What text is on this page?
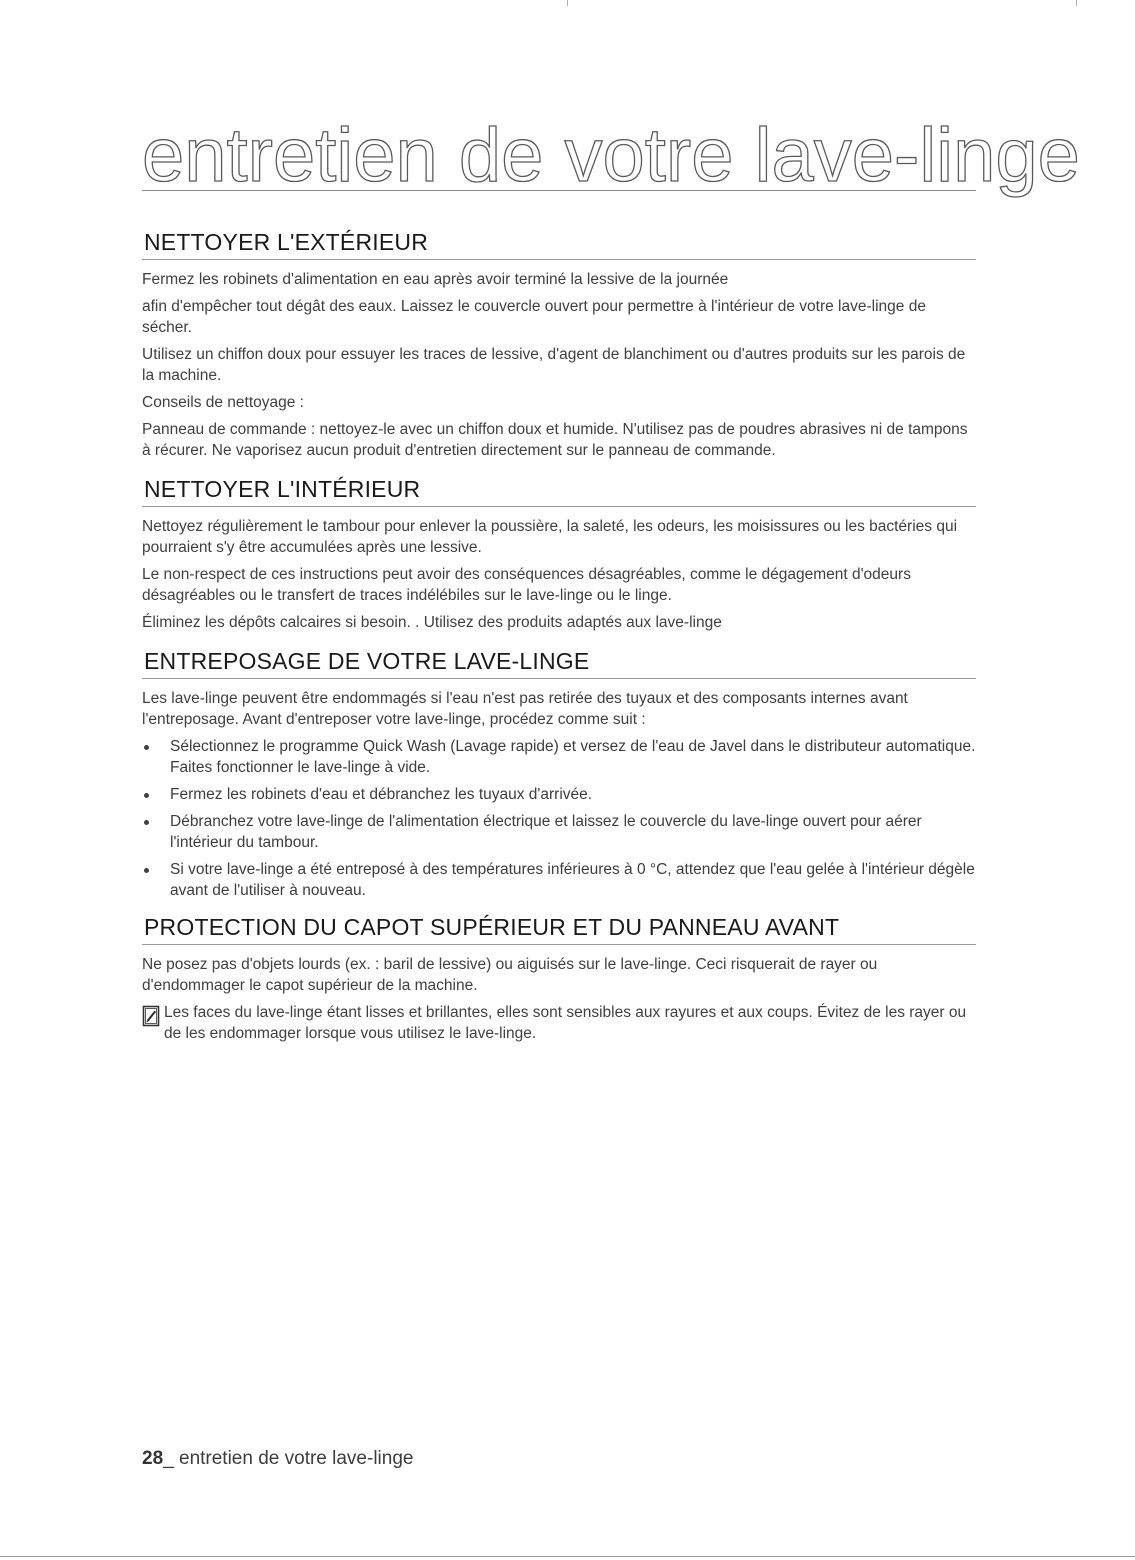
entretien de votre lave-linge
NETTOYER L'EXTÉRIEUR

Fermez les robinets d'alimentation en eau après avoir terminé la lessive de la journée

afin d'empêcher tout dégât des eaux. Laissez le couvercle ouvert pour permettre à l'intérieur de votre lave-linge de sécher.

Utilisez un chiffon doux pour essuyer les traces de lessive, d'agent de blanchiment ou d'autres produits sur les parois de la machine.

Conseils de nettoyage :

Panneau de commande : nettoyez-le avec un chiffon doux et humide. N'utilisez pas de poudres abrasives ni de tampons à récurer. Ne vaporisez aucun produit d'entretien directement sur le panneau de commande.

NETTOYER L'INTÉRIEUR

Nettoyez régulièrement le tambour pour enlever la poussière, la saleté, les odeurs, les moisissures ou les bactéries qui pourraient s'y être accumulées après une lessive.

Le non-respect de ces instructions peut avoir des conséquences désagréables, comme le dégagement d'odeurs désagréables ou le transfert de traces indélébiles sur le lave-linge ou le linge.

Éliminez les dépôts calcaires si besoin. . Utilisez des produits adaptés aux lave-linge

ENTREPOSAGE DE VOTRE LAVE-LINGE

Les lave-linge peuvent être endommagés si l'eau n'est pas retirée des tuyaux et des composants internes avant l'entreposage. Avant d'entreposer votre lave-linge, procédez comme suit :

Sélectionnez le programme Quick Wash (Lavage rapide) et versez de l'eau de Javel dans le distributeur automatique. Faites fonctionner le lave-linge à vide.
Fermez les robinets d'eau et débranchez les tuyaux d'arrivée.
Débranchez votre lave-linge de l'alimentation électrique et laissez le couvercle du lave-linge ouvert pour aérer l'intérieur du tambour.
Si votre lave-linge a été entreposé à des températures inférieures à 0 °C, attendez que l'eau gelée à l'intérieur dégèle avant de l'utiliser à nouveau.
PROTECTION DU CAPOT SUPÉRIEUR ET DU PANNEAU AVANT

Ne posez pas d'objets lourds (ex. : baril de lessive) ou aiguisés sur le lave-linge. Ceci risquerait de rayer ou d'endommager le capot supérieur de la machine.

Les faces du lave-linge étant lisses et brillantes, elles sont sensibles aux rayures et aux coups. Évitez de les rayer ou de les endommager lorsque vous utilisez le lave-linge.
28_ entretien de votre lave-linge
